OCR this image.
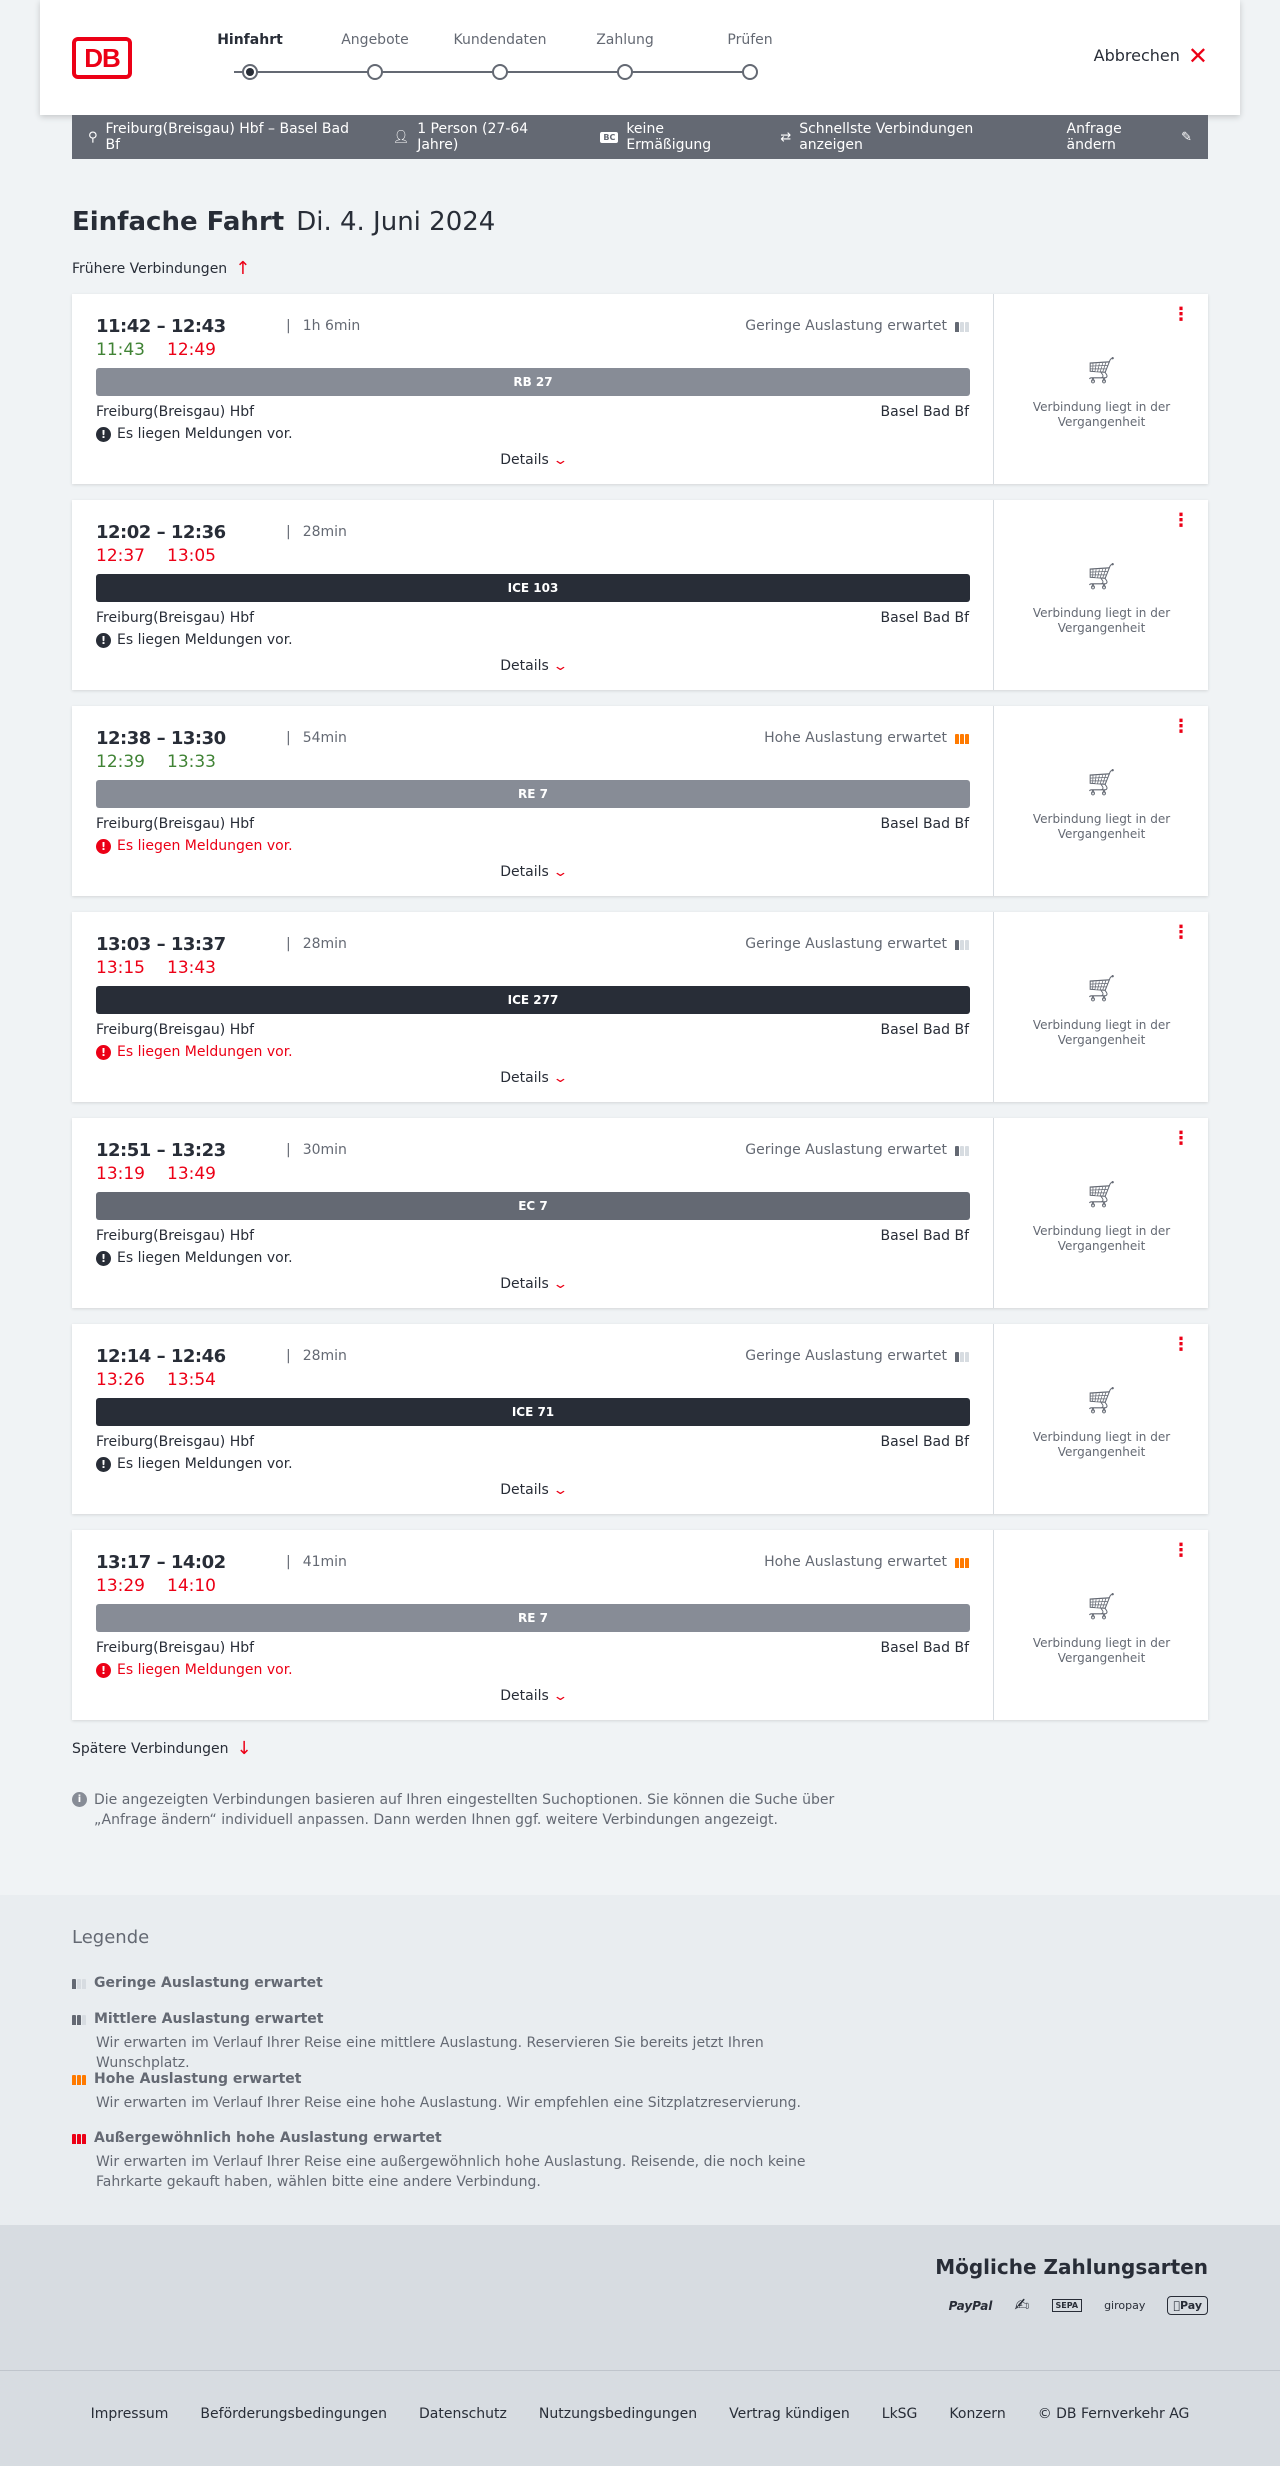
DB
Hinfahrt	Angebote	Kundendaten	Zahlung	Prüfen
Abbrechen ✕
⚲ Freiburg(Breisgau) Hbf – Basel Bad Bf	👤︎ 1 Person (27-64 Jahre)	BC keine Ermäßigung	⇄ Schnellste Verbindungen anzeigen
Anfrage ändern	✎
Einfache Fahrt Di. 4. Juni 2024
Frühere Verbindungen ↑
11:42 – 12:43	| 1h 6min
11:43 12:49
Geringe Auslastung erwartet
RB 27
Freiburg(Breisgau) Hbf	Basel Bad Bf
! Es liegen Meldungen vor.
Details ⌄
⋮
🛒︎
Verbindung liegt in der Vergangenheit
12:02 – 12:36	| 28min
12:37 13:05
ICE 103
Freiburg(Breisgau) Hbf	Basel Bad Bf
! Es liegen Meldungen vor.
Details ⌄
⋮
🛒︎
Verbindung liegt in der Vergangenheit
12:38 – 13:30	| 54min
12:39 13:33
Hohe Auslastung erwartet
RE 7
Freiburg(Breisgau) Hbf	Basel Bad Bf
! Es liegen Meldungen vor.
Details ⌄
⋮
🛒︎
Verbindung liegt in der Vergangenheit
13:03 – 13:37	| 28min
13:15 13:43
Geringe Auslastung erwartet
ICE 277
Freiburg(Breisgau) Hbf	Basel Bad Bf
! Es liegen Meldungen vor.
Details ⌄
⋮
🛒︎
Verbindung liegt in der Vergangenheit
12:51 – 13:23	| 30min
13:19 13:49
Geringe Auslastung erwartet
EC 7
Freiburg(Breisgau) Hbf	Basel Bad Bf
! Es liegen Meldungen vor.
Details ⌄
⋮
🛒︎
Verbindung liegt in der Vergangenheit
12:14 – 12:46	| 28min
13:26 13:54
Geringe Auslastung erwartet
ICE 71
Freiburg(Breisgau) Hbf	Basel Bad Bf
! Es liegen Meldungen vor.
Details ⌄
⋮
🛒︎
Verbindung liegt in der Vergangenheit
13:17 – 14:02	| 41min
13:29 14:10
Hohe Auslastung erwartet
RE 7
Freiburg(Breisgau) Hbf	Basel Bad Bf
! Es liegen Meldungen vor.
Details ⌄
⋮
🛒︎
Verbindung liegt in der Vergangenheit
Spätere Verbindungen ↓
i Die angezeigten Verbindungen basieren auf Ihren eingestellten Suchoptionen. Sie können die Suche über „Anfrage ändern“ individuell anpassen. Dann werden Ihnen ggf. weitere Verbindungen angezeigt.
Legende
Geringe Auslastung erwartet
Mittlere Auslastung erwartet
Wir erwarten im Verlauf Ihrer Reise eine mittlere Auslastung. Reservieren Sie bereits jetzt Ihren Wunschplatz.
Hohe Auslastung erwartet
Wir erwarten im Verlauf Ihrer Reise eine hohe Auslastung. Wir empfehlen eine Sitzplatzreservierung.
Außergewöhnlich hohe Auslastung erwartet
Wir erwarten im Verlauf Ihrer Reise eine außergewöhnlich hohe Auslastung. Reisende, die noch keine Fahrkarte gekauft haben, wählen bitte eine andere Verbindung.
Mögliche Zahlungsarten
PayPal	✍	SEPA	giropay	Pay
Impressum Beförderungsbedingungen Datenschutz Nutzungsbedingungen Vertrag kündigen LkSG Konzern © DB Fernverkehr AG
